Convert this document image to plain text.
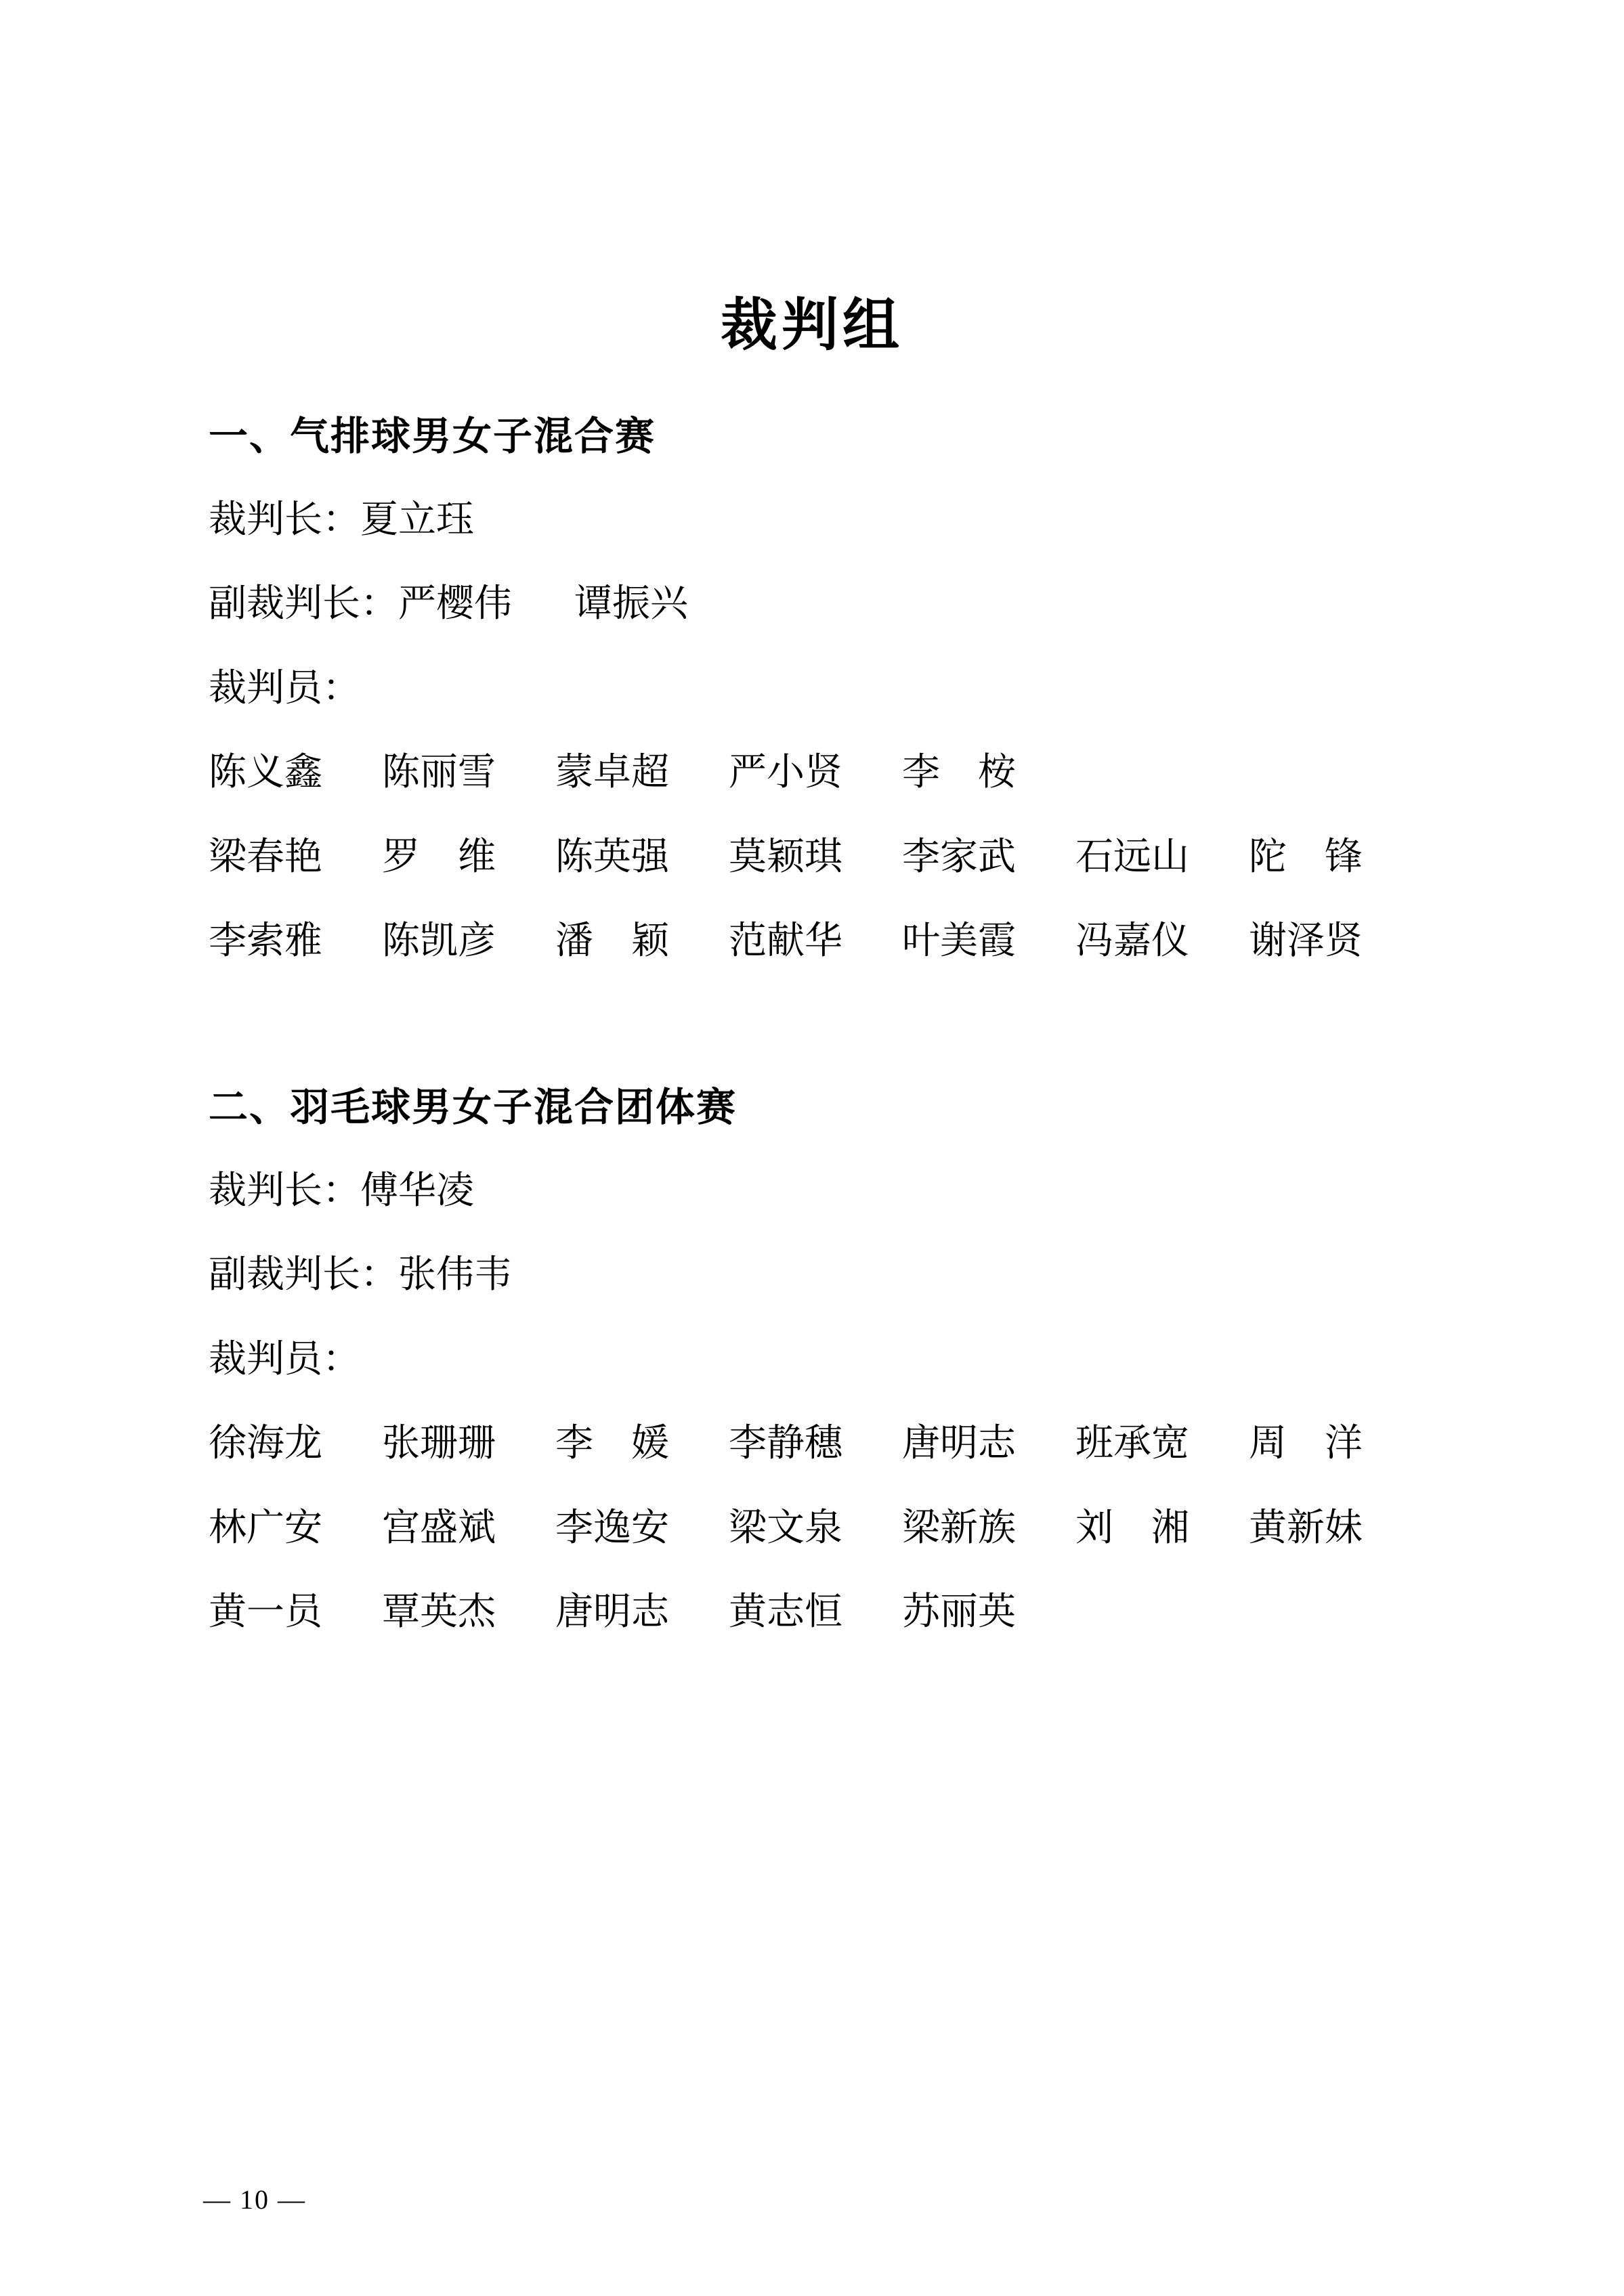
裁判组
一、气排球男女子混合赛
裁判长： 夏立珏
副裁判长： 严樱伟 谭振兴
裁判员：
陈义鑫 陈丽雪 蒙卓超 严小贤 李　桉
梁春艳 罗　维 陈英强 莫颖琪 李家武 石远山 陀　锋
李索雅 陈凯彦 潘　颖 范献华 叶美霞 冯嘉仪 谢泽贤
二、羽毛球男女子混合团体赛
裁判长： 傅华凌
副裁判长： 张伟韦
裁判员：
徐海龙 张珊珊 李　媛 李静穗 唐明志 班承宽 周　洋
林广安 宫盛斌 李逸安 梁文泉 梁新族 刘　湘 黄新妹
黄一员 覃英杰 唐明志 黄志恒 苏丽英
— 10 —
